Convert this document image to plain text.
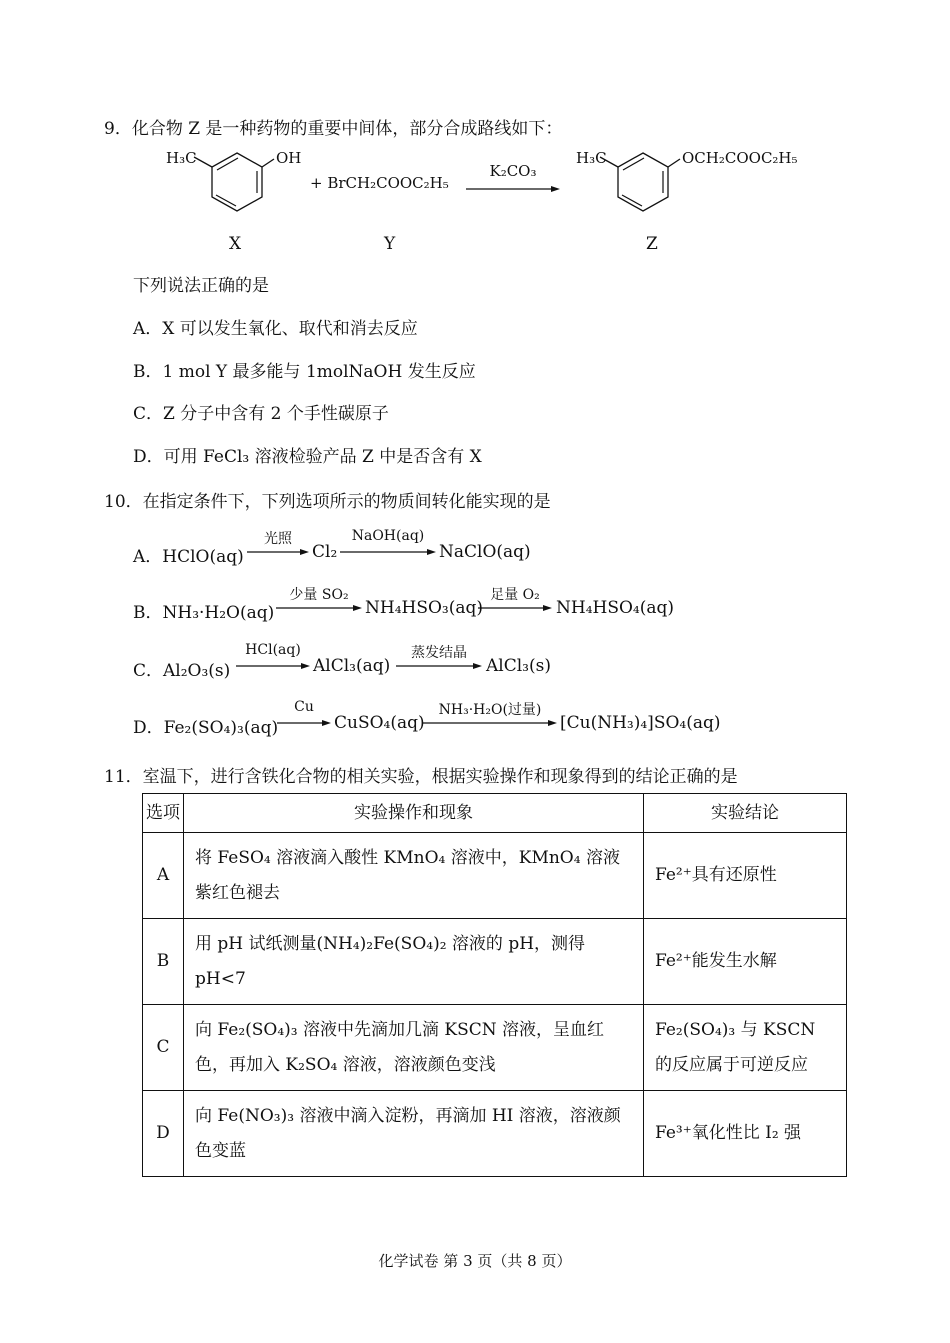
9．化合物 Z 是一种药物的重要中间体，部分合成路线如下：
H₃C	OH
X
+ BrCH₂COOC₂H₅
Y
K₂CO₃
H₃C	OCH₂COOC₂H₅
Z
下列说法正确的是
A．X 可以发生氧化、取代和消去反应
B．1 mol Y 最多能与 1molNaOH 发生反应
C．Z 分子中含有 2 个手性碳原子
D．可用 FeCl₃ 溶液检验产品 Z 中是否含有 X
10．在指定条件下，下列选项所示的物质间转化能实现的是
A．HClO(aq)
光照
Cl₂
NaOH(aq)
NaClO(aq)
B．NH₃·H₂O(aq)
少量 SO₂
NH₄HSO₃(aq)
足量 O₂
NH₄HSO₄(aq)
C．Al₂O₃(s)
HCl(aq)
AlCl₃(aq)
蒸发结晶
AlCl₃(s)
D．Fe₂(SO₄)₃(aq)
Cu
CuSO₄(aq)
NH₃·H₂O(过量)
[Cu(NH₃)₄]SO₄(aq)
11．室温下，进行含铁化合物的相关实验，根据实验操作和现象得到的结论正确的是
选项	实验操作和现象	实验结论
A	将 FeSO₄ 溶液滴入酸性 KMnO₄ 溶液中，KMnO₄ 溶液紫红色褪去	Fe²⁺具有还原性
B	用 pH 试纸测量(NH₄)₂Fe(SO₄)₂ 溶液的 pH，测得 pH<7	Fe²⁺能发生水解
C	向 Fe₂(SO₄)₃ 溶液中先滴加几滴 KSCN 溶液，呈血红色，再加入 K₂SO₄ 溶液，溶液颜色变浅	Fe₂(SO₄)₃ 与 KSCN 的反应属于可逆反应
D	向 Fe(NO₃)₃ 溶液中滴入淀粉，再滴加 HI 溶液，溶液颜色变蓝	Fe³⁺氧化性比 I₂ 强
化学试卷 第 3 页（共 8 页）
